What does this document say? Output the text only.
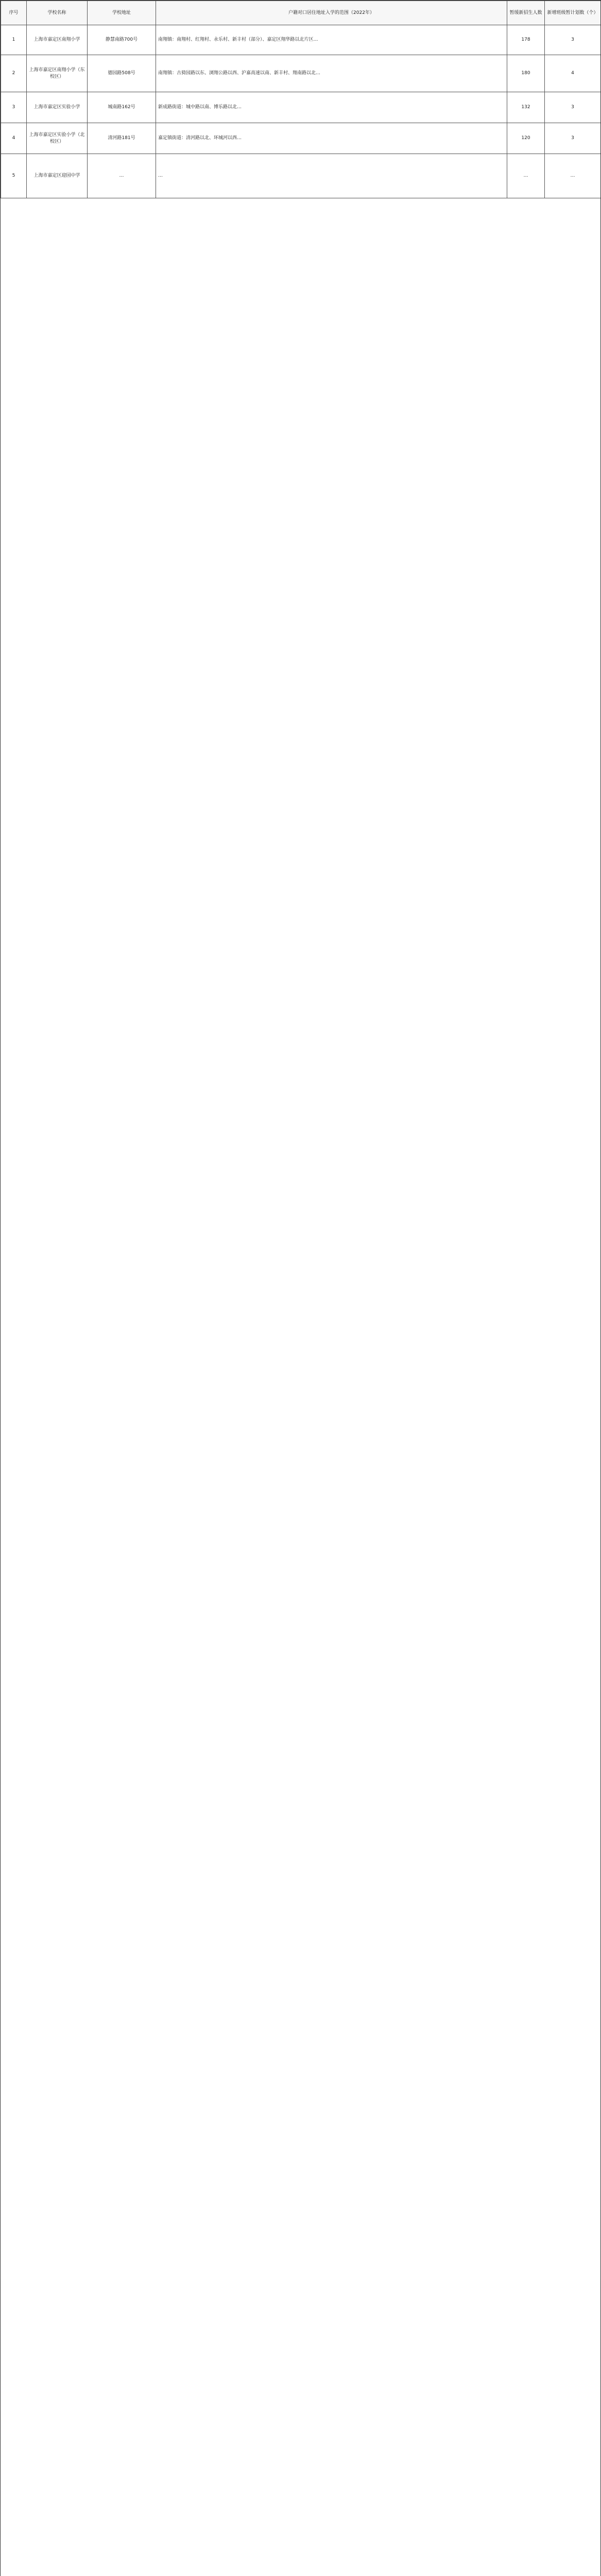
序号	学校名称	学校地址	户籍对口居住地址入学的范围（2022年）	暂缓新招生人数	新增班级暂计划数（个）
1	上海市嘉定区南翔小学	静慧南路700号	南翔镇：南翔村、红翔村、永乐村、新丰村（部分）、嘉定区翔华路以北片区…	178	3
2	上海市嘉定区南翔小学（东校区）	德园路508号	南翔镇：古猗园路以东、浏翔公路以西、沪嘉高速以南、新丰村、翔南路以北…	180	4
3	上海市嘉定区实验小学	城南路162号	新成路街道：城中路以南、博乐路以北…	132	3
4	上海市嘉定区实验小学（北校区）	清河路181号	嘉定镇街道：清河路以北、环城河以西…	120	3
5	上海市嘉定区迎园中学	…	…	…	…
